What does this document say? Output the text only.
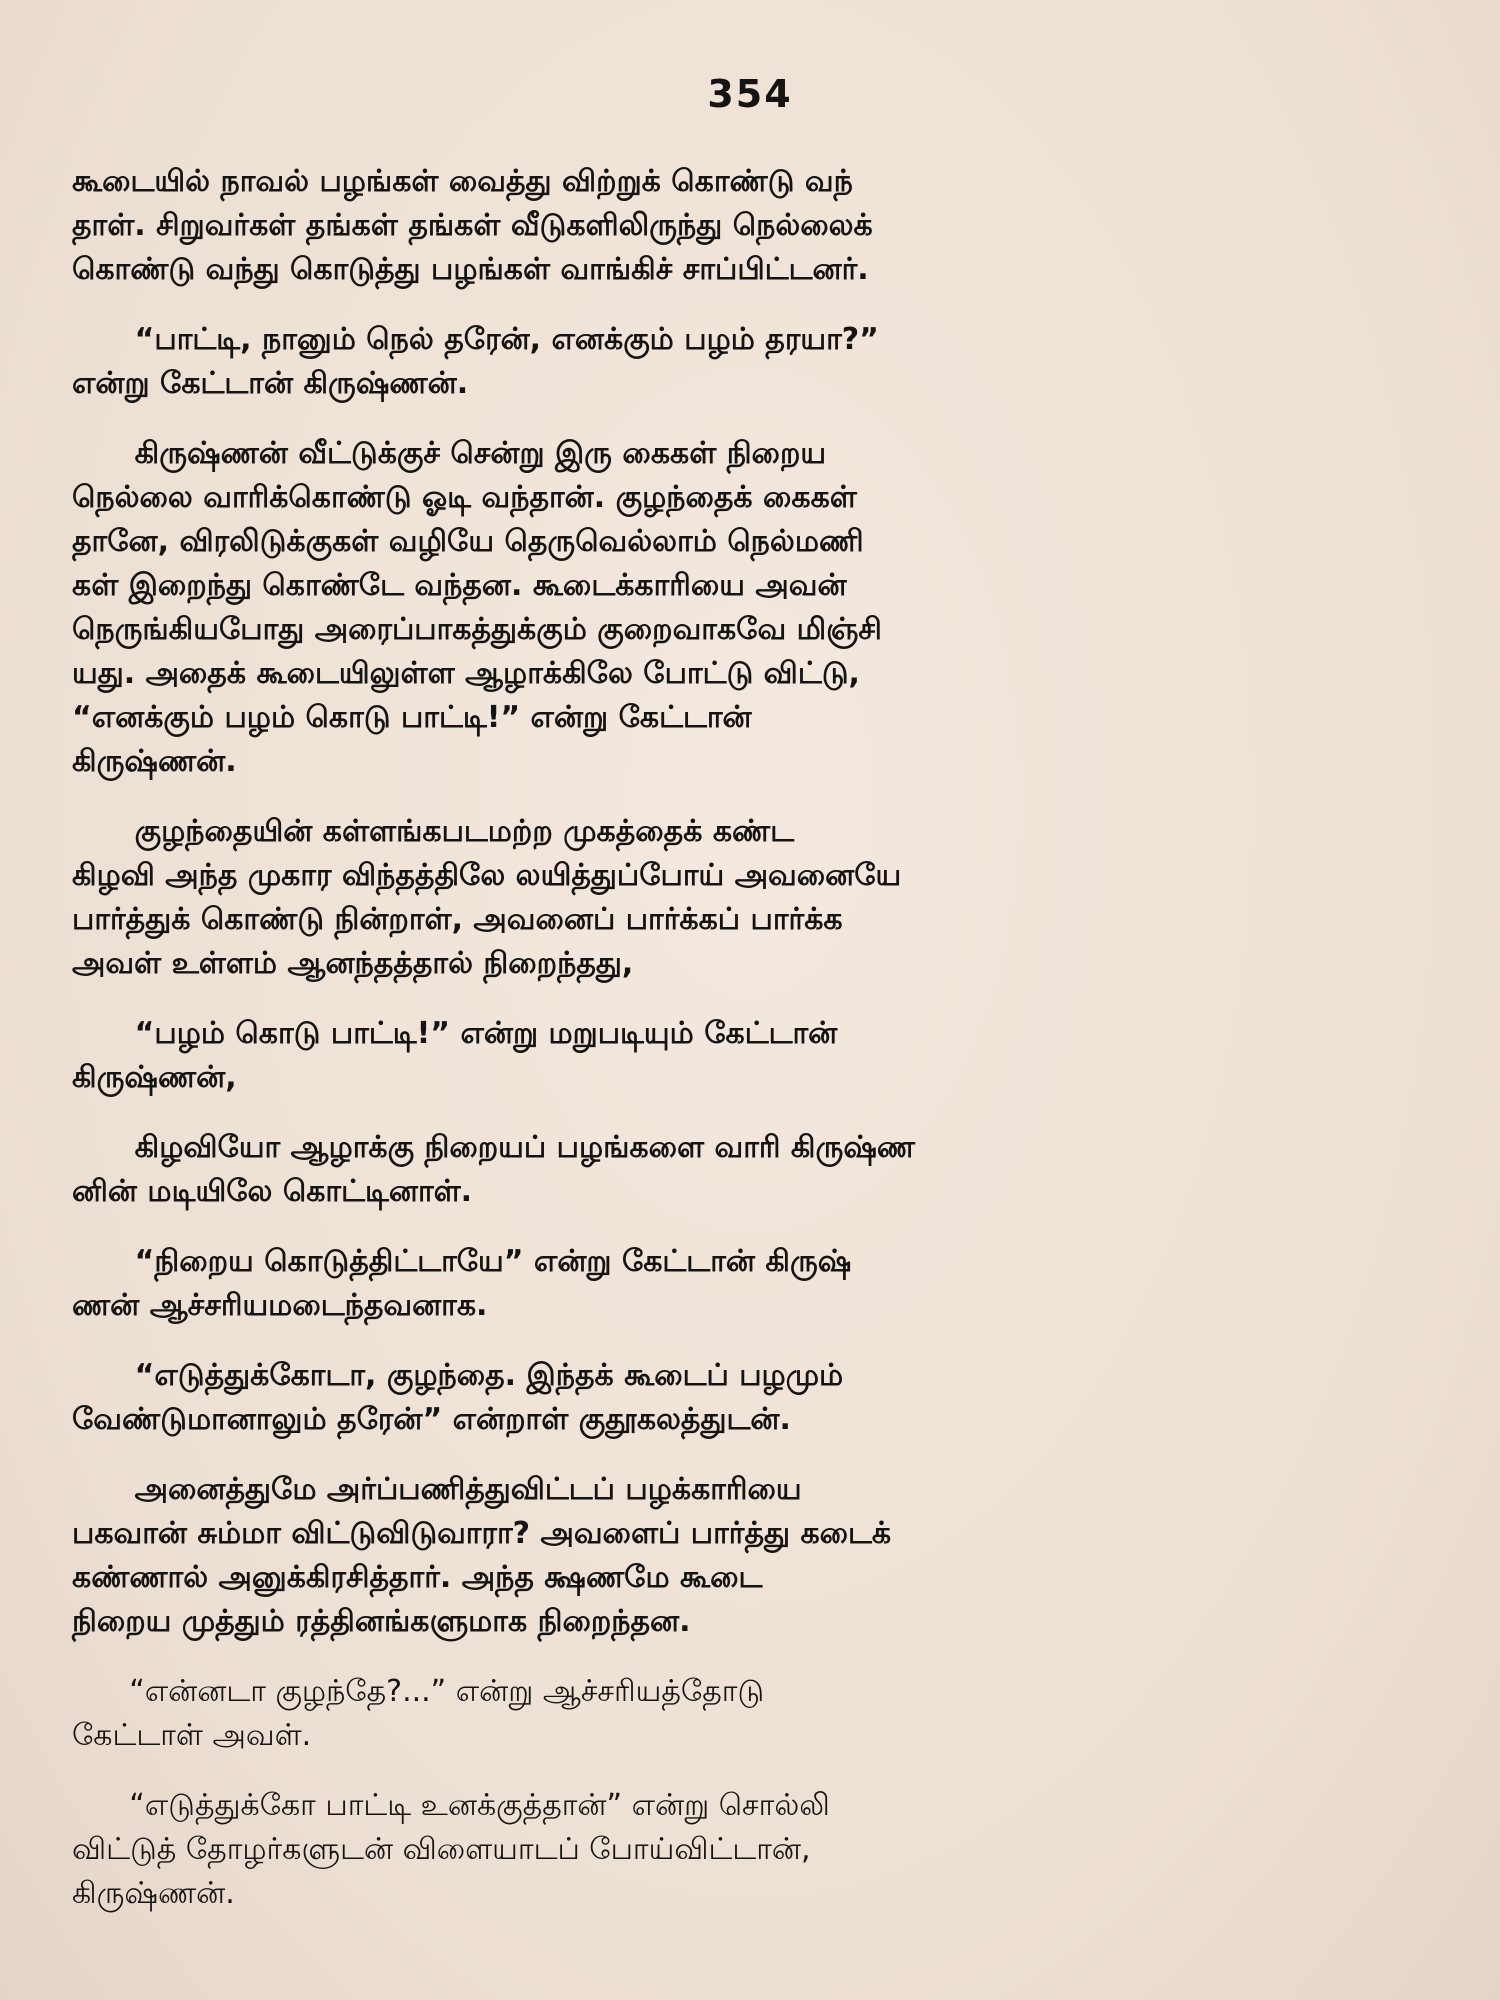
354

கூடையில் நாவல் பழங்கள் வைத்து விற்றுக் கொண்டு வந்
தாள். சிறுவர்கள் தங்கள் தங்கள் வீடுகளிலிருந்து நெல்லைக்
கொண்டு வந்து கொடுத்து பழங்கள் வாங்கிச் சாப்பிட்டனர்.

“பாட்டி, நானும் நெல் தரேன், எனக்கும் பழம் தரயா?”
என்று கேட்டான் கிருஷ்ணன்.

கிருஷ்ணன் வீட்டுக்குச் சென்று இரு கைகள் நிறைய
நெல்லை வாரிக்கொண்டு ஓடி வந்தான். குழந்தைக் கைகள்
தானே, விரலிடுக்குகள் வழியே தெருவெல்லாம் நெல்மணி
கள் இறைந்து கொண்டே வந்தன. கூடைக்காரியை அவன்
நெருங்கியபோது அரைப்பாகத்துக்கும் குறைவாகவே மிஞ்சி
யது. அதைக் கூடையிலுள்ள ஆழாக்கிலே போட்டு விட்டு,
“எனக்கும் பழம் கொடு பாட்டி!” என்று கேட்டான்
கிருஷ்ணன்.

குழந்தையின் கள்ளங்கபடமற்ற முகத்தைக் கண்ட
கிழவி அந்த முகார விந்தத்திலே லயித்துப்போய் அவனையே
பார்த்துக் கொண்டு நின்றாள், அவனைப் பார்க்கப் பார்க்க
அவள் உள்ளம் ஆனந்தத்தால் நிறைந்தது,

“பழம் கொடு பாட்டி!” என்று மறுபடியும் கேட்டான்
கிருஷ்ணன்,

கிழவியோ ஆழாக்கு நிறையப் பழங்களை வாரி கிருஷ்ண
னின் மடியிலே கொட்டினாள்.

“நிறைய கொடுத்திட்டாயே” என்று கேட்டான் கிருஷ்
ணன் ஆச்சரியமடைந்தவனாக.

“எடுத்துக்கோடா, குழந்தை. இந்தக் கூடைப் பழமும்
வேண்டுமானாலும் தரேன்” என்றாள் குதூகலத்துடன்.

அனைத்துமே அர்ப்பணித்துவிட்டப் பழக்காரியை
பகவான் சும்மா விட்டுவிடுவாரா? அவளைப் பார்த்து கடைக்
கண்ணால் அனுக்கிரசித்தார். அந்த க்ஷணமே கூடை
நிறைய முத்தும் ரத்தினங்களுமாக நிறைந்தன.

“என்னடா குழந்தே?...” என்று ஆச்சரியத்தோடு
கேட்டாள் அவள்.

“எடுத்துக்கோ பாட்டி உனக்குத்தான்” என்று சொல்லி
விட்டுத் தோழர்களுடன் விளையாடப் போய்விட்டான்,
கிருஷ்ணன்.
